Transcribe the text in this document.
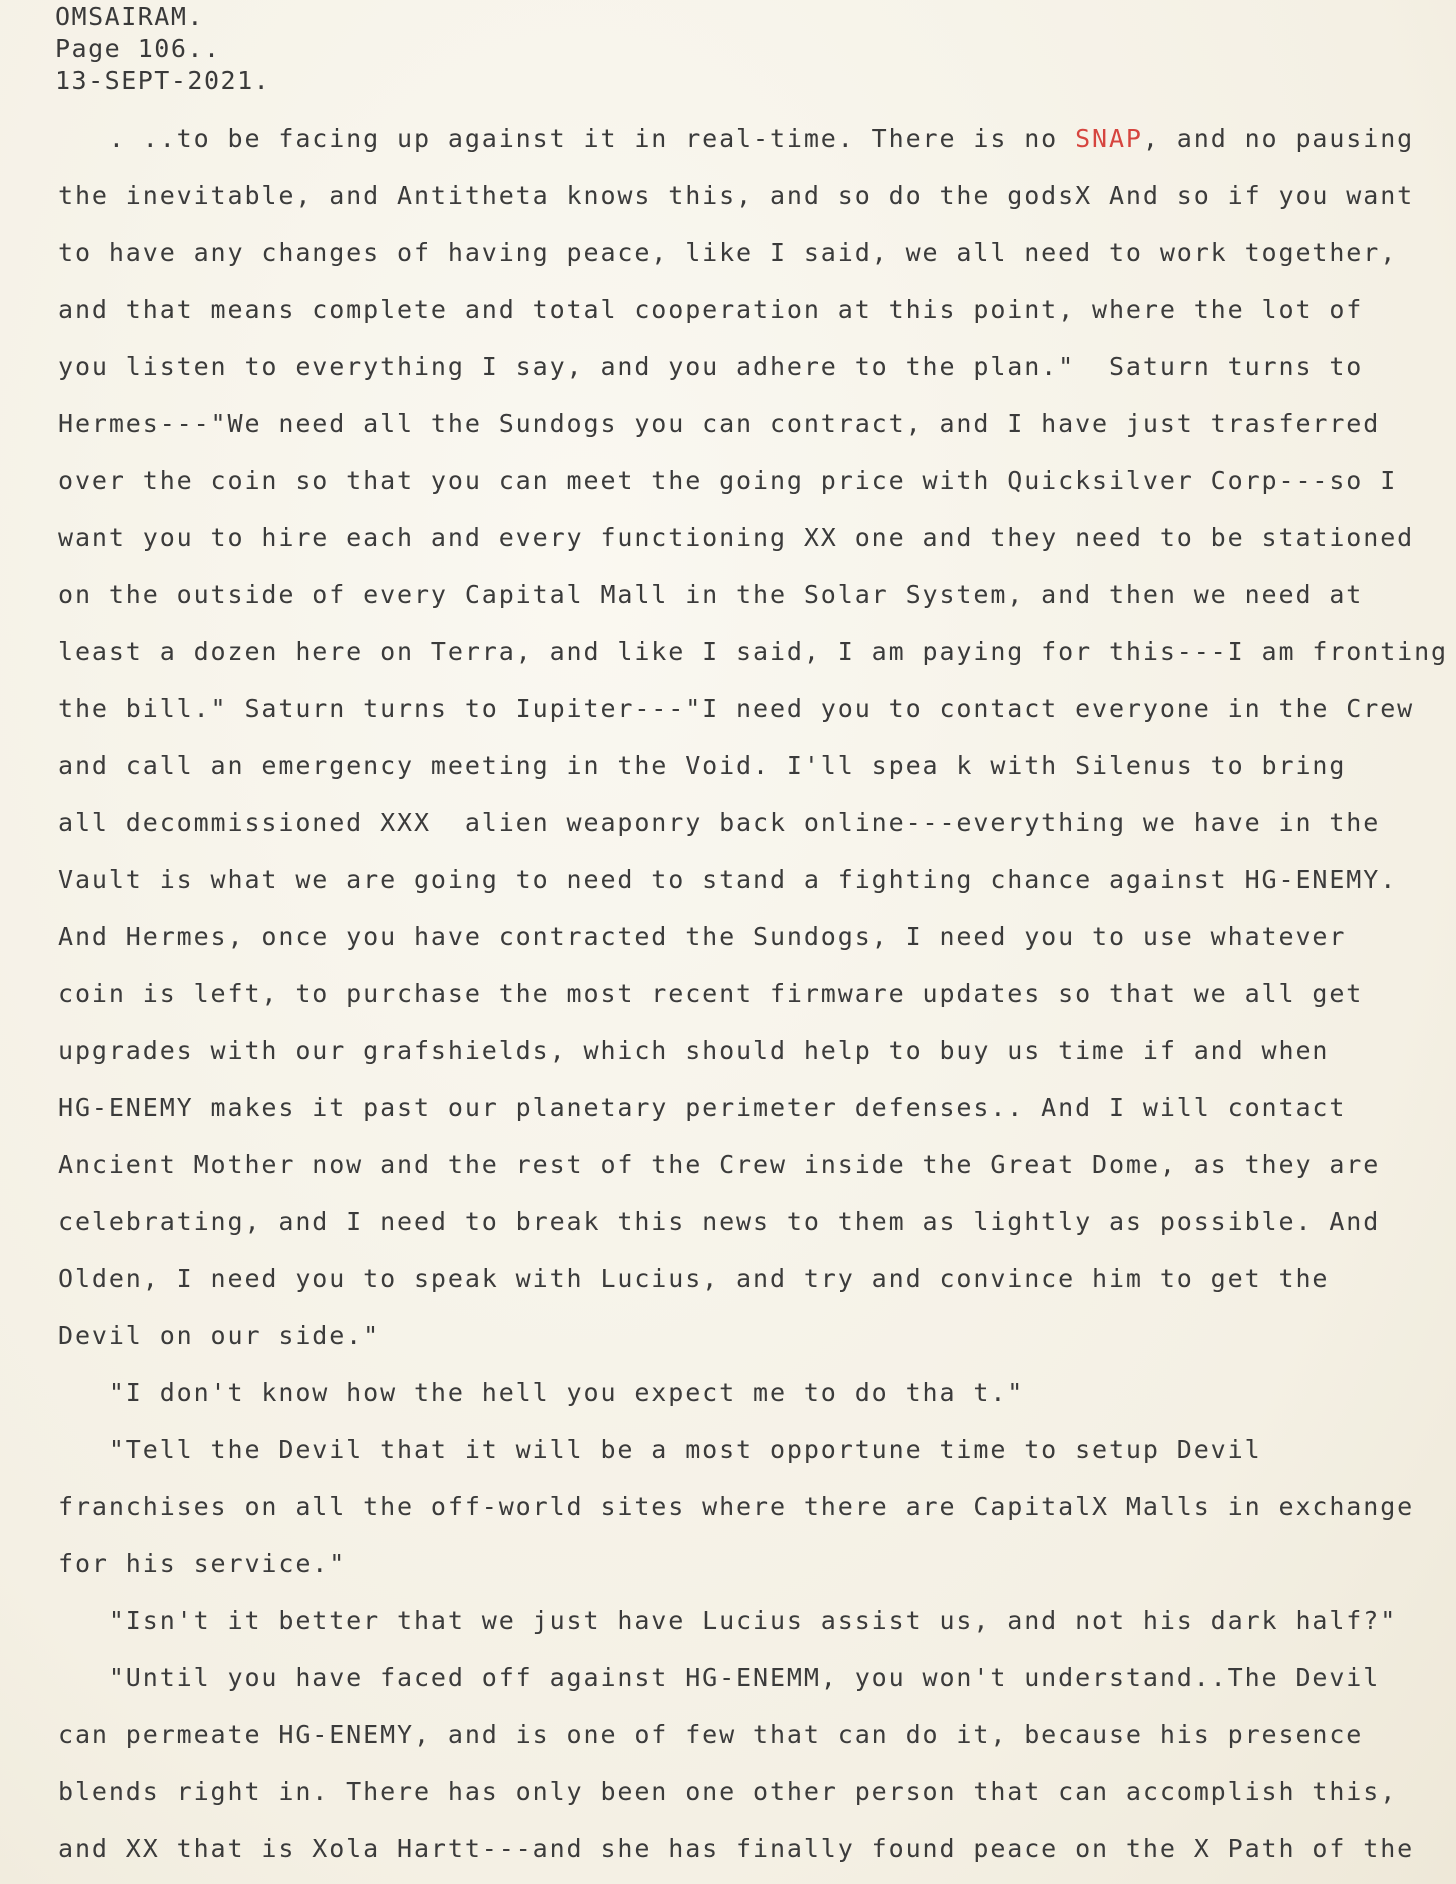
OMSAIRAM.
Page 106..
13-SEPT-2021.
. ..to be facing up against it in real-time. There is no SNAP, and no pausing
the inevitable, and Antitheta knows this, and so do the godsX And so if you want
to have any changes of having peace, like I said, we all need to work together,
and that means complete and total cooperation at this point, where the lot of
you listen to everything I say, and you adhere to the plan."  Saturn turns to
Hermes---"We need all the Sundogs you can contract, and I have just trasferred
over the coin so that you can meet the going price with Quicksilver Corp---so I
want you to hire each and every functioning XX one and they need to be stationed
on the outside of every Capital Mall in the Solar System, and then we need at
least a dozen here on Terra, and like I said, I am paying for this---I am fronting
the bill." Saturn turns to Iupiter---"I need you to contact everyone in the Crew
and call an emergency meeting in the Void. I'll spea k with Silenus to bring
all decommissioned XXX  alien weaponry back online---everything we have in the
Vault is what we are going to need to stand a fighting chance against HG-ENEMY.
And Hermes, once you have contracted the Sundogs, I need you to use whatever
coin is left, to purchase the most recent firmware updates so that we all get
upgrades with our grafshields, which should help to buy us time if and when
HG-ENEMY makes it past our planetary perimeter defenses.. And I will contact
Ancient Mother now and the rest of the Crew inside the Great Dome, as they are
celebrating, and I need to break this news to them as lightly as possible. And
Olden, I need you to speak with Lucius, and try and convince him to get the
Devil on our side."
"I don't know how the hell you expect me to do tha t."
"Tell the Devil that it will be a most opportune time to setup Devil
franchises on all the off-world sites where there are CapitalX Malls in exchange
for his service."
"Isn't it better that we just have Lucius assist us, and not his dark half?"
"Until you have faced off against HG-ENEMM, you won't understand..The Devil
can permeate HG-ENEMY, and is one of few that can do it, because his presence
blends right in. There has only been one other person that can accomplish this,
and XX that is Xola Hartt---and she has finally found peace on the X Path of the
